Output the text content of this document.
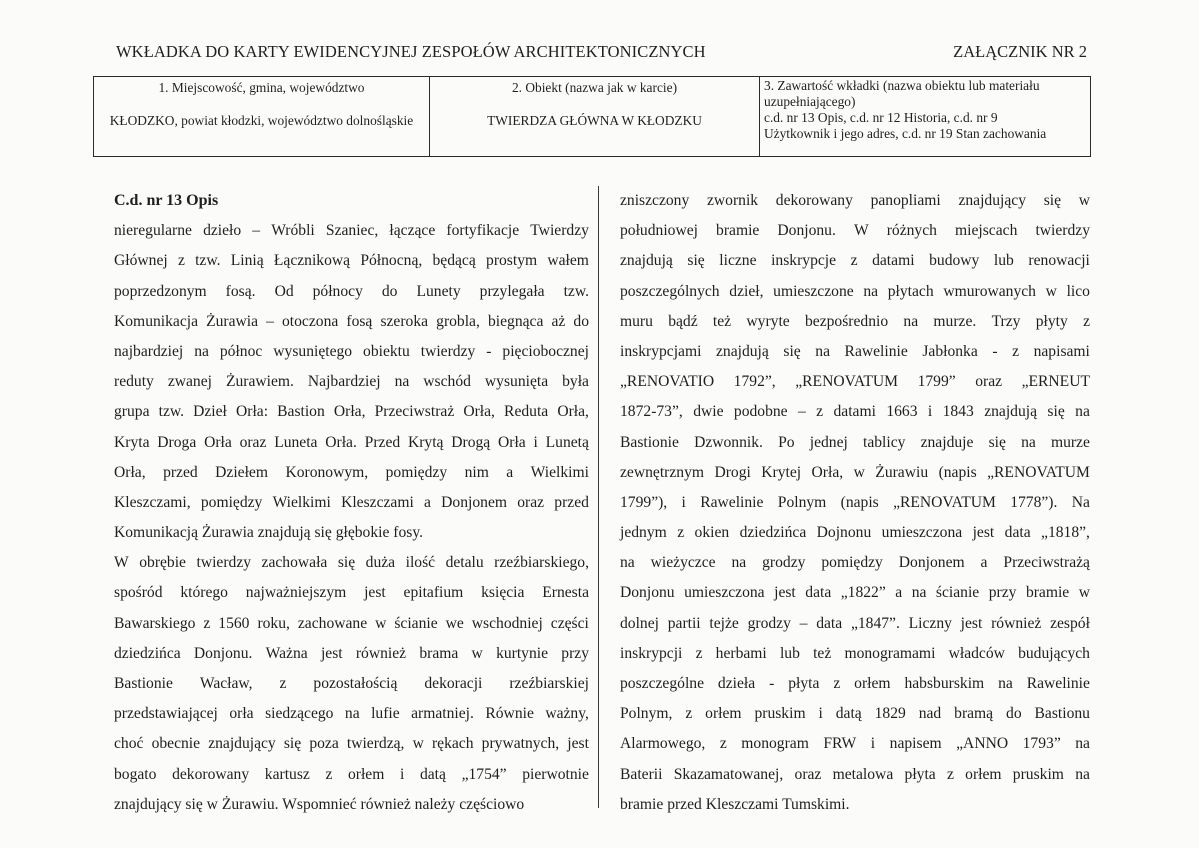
WKŁADKA DO KARTY EWIDENCYJNEJ ZESPOŁÓW ARCHITEKTONICZNYCH	ZAŁĄCZNIK NR 2
1. Miejscowość, gmina, województwo
KŁODZKO, powiat kłodzki, województwo dolnośląskie
2. Obiekt (nazwa jak w karcie)
TWIERDZA GŁÓWNA W KŁODZKU
3. Zawartość wkładki (nazwa obiektu lub materiału
uzupełniającego)
c.d. nr 13 Opis, c.d. nr 12 Historia, c.d. nr 9
Użytkownik i jego adres, c.d. nr 19 Stan zachowania
C.d. nr 13 Opis
nieregularne dzieło – Wróbli Szaniec, łączące fortyfikacje Twierdzy
Głównej z tzw. Linią Łącznikową Północną, będącą prostym wałem
poprzedzonym fosą. Od północy do Lunety przylegała tzw.
Komunikacja Żurawia – otoczona fosą szeroka grobla, biegnąca aż do
najbardziej na północ wysuniętego obiektu twierdzy - pięciobocznej
reduty zwanej Żurawiem. Najbardziej na wschód wysunięta była
grupa tzw. Dzieł Orła: Bastion Orła, Przeciwstraż Orła, Reduta Orła,
Kryta Droga Orła oraz Luneta Orła. Przed Krytą Drogą Orła i Lunetą
Orła, przed Dziełem Koronowym, pomiędzy nim a Wielkimi
Kleszczami, pomiędzy Wielkimi Kleszczami a Donjonem oraz przed
Komunikacją Żurawia znajdują się głębokie fosy.
W obrębie twierdzy zachowała się duża ilość detalu rzeźbiarskiego,
spośród którego najważniejszym jest epitafium księcia Ernesta
Bawarskiego z 1560 roku, zachowane w ścianie we wschodniej części
dziedzińca Donjonu. Ważna jest również brama w kurtynie przy
Bastionie Wacław, z pozostałością dekoracji rzeźbiarskiej
przedstawiającej orła siedzącego na lufie armatniej. Równie ważny,
choć obecnie znajdujący się poza twierdzą, w rękach prywatnych, jest
bogato dekorowany kartusz z orłem i datą „1754” pierwotnie
znajdujący się w Żurawiu. Wspomnieć również należy częściowo
zniszczony zwornik dekorowany panopliami znajdujący się w
południowej bramie Donjonu. W różnych miejscach twierdzy
znajdują się liczne inskrypcje z datami budowy lub renowacji
poszczególnych dzieł, umieszczone na płytach wmurowanych w lico
muru bądź też wyryte bezpośrednio na murze. Trzy płyty z
inskrypcjami znajdują się na Rawelinie Jabłonka - z napisami
„RENOVATIO 1792”, „RENOVATUM 1799” oraz „ERNEUT
1872-73”, dwie podobne – z datami 1663 i 1843 znajdują się na
Bastionie Dzwonnik. Po jednej tablicy znajduje się na murze
zewnętrznym Drogi Krytej Orła, w Żurawiu (napis „RENOVATUM
1799”), i Rawelinie Polnym (napis „RENOVATUM 1778”). Na
jednym z okien dziedzińca Dojnonu umieszczona jest data „1818”,
na wieżyczce na grodzy pomiędzy Donjonem a Przeciwstrażą
Donjonu umieszczona jest data „1822” a na ścianie przy bramie w
dolnej partii tejże grodzy – data „1847”. Liczny jest również zespół
inskrypcji z herbami lub też monogramami władców budujących
poszczególne dzieła - płyta z orłem habsburskim na Rawelinie
Polnym, z orłem pruskim i datą 1829 nad bramą do Bastionu
Alarmowego, z monogram FRW i napisem „ANNO 1793” na
Baterii Skazamatowanej, oraz metalowa płyta z orłem pruskim na
bramie przed Kleszczami Tumskimi.
